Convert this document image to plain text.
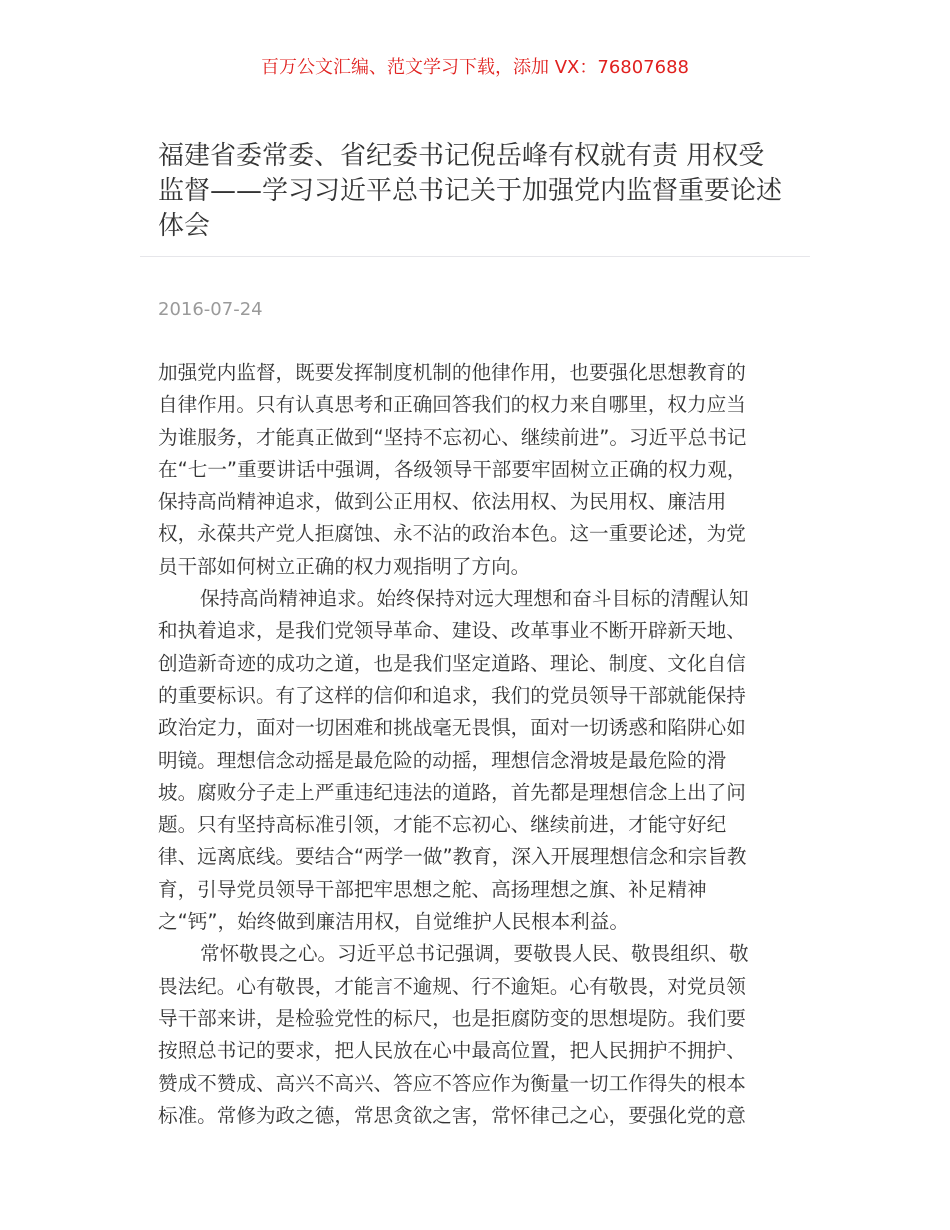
百万公文汇编、范文学习下载，添加 VX：76807688
福建省委常委、省纪委书记倪岳峰有权就有责 用权受
监督——学习习近平总书记关于加强党内监督重要论述
体会
2016-07-24
加强党内监督，既要发挥制度机制的他律作用，也要强化思想教育的
自律作用。只有认真思考和正确回答我们的权力来自哪里，权力应当
为谁服务，才能真正做到“坚持不忘初心、继续前进”。习近平总书记
在“七一”重要讲话中强调，各级领导干部要牢固树立正确的权力观，
保持高尚精神追求，做到公正用权、依法用权、为民用权、廉洁用
权，永葆共产党人拒腐蚀、永不沾的政治本色。这一重要论述，为党
员干部如何树立正确的权力观指明了方向。
保持高尚精神追求。始终保持对远大理想和奋斗目标的清醒认知
和执着追求，是我们党领导革命、建设、改革事业不断开辟新天地、
创造新奇迹的成功之道，也是我们坚定道路、理论、制度、文化自信
的重要标识。有了这样的信仰和追求，我们的党员领导干部就能保持
政治定力，面对一切困难和挑战毫无畏惧，面对一切诱惑和陷阱心如
明镜。理想信念动摇是最危险的动摇，理想信念滑坡是最危险的滑
坡。腐败分子走上严重违纪违法的道路，首先都是理想信念上出了问
题。只有坚持高标准引领，才能不忘初心、继续前进，才能守好纪
律、远离底线。要结合“两学一做”教育，深入开展理想信念和宗旨教
育，引导党员领导干部把牢思想之舵、高扬理想之旗、补足精神
之“钙”，始终做到廉洁用权，自觉维护人民根本利益。
常怀敬畏之心。习近平总书记强调，要敬畏人民、敬畏组织、敬
畏法纪。心有敬畏，才能言不逾规、行不逾矩。心有敬畏，对党员领
导干部来讲，是检验党性的标尺，也是拒腐防变的思想堤防。我们要
按照总书记的要求，把人民放在心中最高位置，把人民拥护不拥护、
赞成不赞成、高兴不高兴、答应不答应作为衡量一切工作得失的根本
标准。常修为政之德，常思贪欲之害，常怀律己之心，要强化党的意
